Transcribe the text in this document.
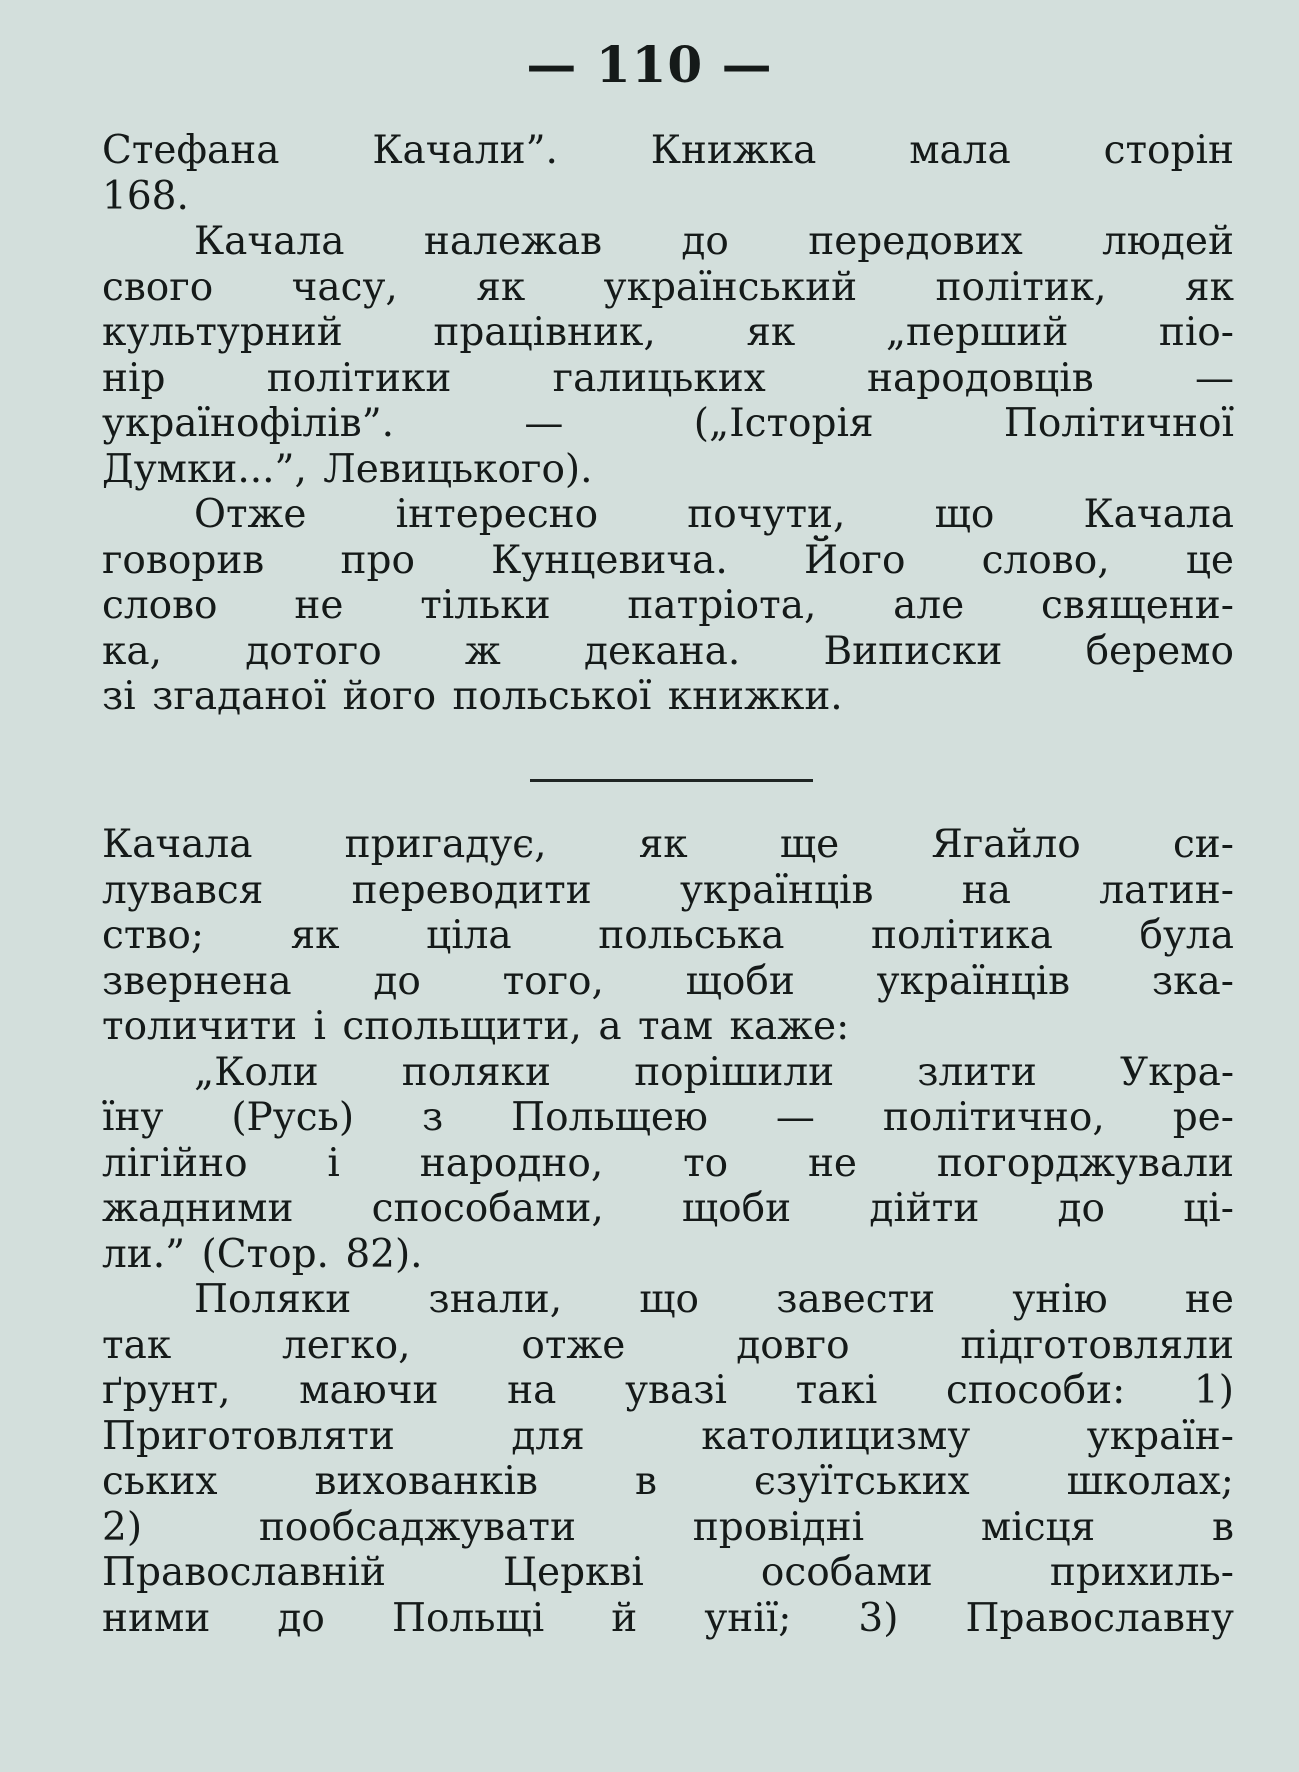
— 110 —
Стефана Качали”. Книжка мала сторін
168.
Качала належав до передових людей
свого часу, як український політик, як
культурний працівник, як „перший піо-
нір	політики	галицьких	народовців	—
українофілів”.	—	(„Історія	Політичної
Думки...”, Левицького).
Отже інтересно почути, що Качала
говорив про Кунцевича. Його слово, це
слово не тільки патріота, але священи-
ка, дотого ж декана. Виписки беремо
зі згаданої його польської книжки.
Качала пригадує, як ще Ягайло си-
лувався переводити українців на латин-
ство; як ціла польська політика була
звернена до того, щоби українців зка-
толичити і спольщити, а там каже:
„Коли поляки порішили злити Укра-
їну (Русь) з Польщею — політично, ре-
лігійно і народно, то не погорджували
жадними способами, щоби дійти до ці-
ли.” (Стор. 82).
Поляки знали, що завести унію не
так	легко,	отже	довго	підготовляли
ґрунт, маючи на увазі такі способи: 1)
Приготовляти	для	католицизму	україн-
ських вихованків в єзуїтських школах;
2)	пообсаджувати	провідні	місця	в
Православній	Церкві	особами	прихиль-
ними до Польщі й унії; 3) Православну
